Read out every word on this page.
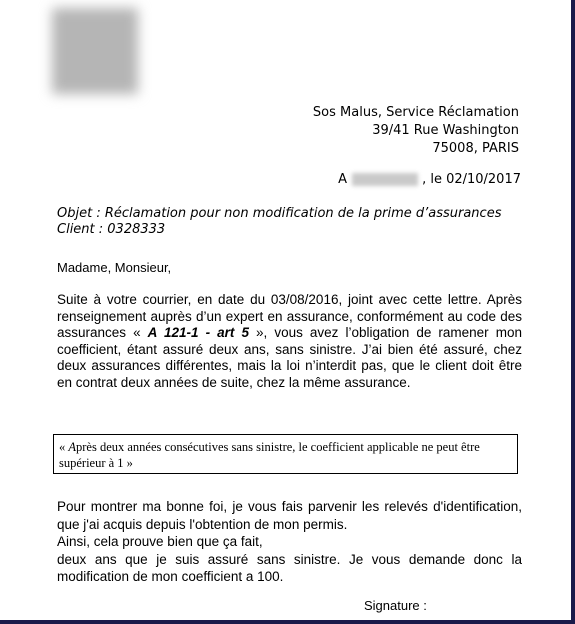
Sos Malus, Service Réclamation
39/41 Rue Washington
75008, PARIS
A	, le 02/10/2017
Objet : Réclamation pour non modification de la prime d’assurances
Client : 0328333
Madame, Monsieur,
Suite à votre courrier, en date du 03/08/2016, joint avec cette lettre. Après renseignement auprès d’un expert en assurance, conformément au code des assurances « A 121-1 - art 5 », vous avez l’obligation de ramener mon coefficient, étant assuré deux ans, sans sinistre. J’ai bien été assuré, chez deux assurances différentes, mais la loi n’interdit pas, que le client doit être en contrat deux années de suite, chez la même assurance.
« Après deux années consécutives sans sinistre, le coefficient applicable ne peut être supérieur à 1 »
Pour montrer ma bonne foi, je vous fais parvenir les relevés d'identification, que j'ai acquis depuis l'obtention de mon permis.
Ainsi, cela prouve bien que ça fait,
deux ans que je suis assuré sans sinistre. Je vous demande donc la modification de mon coefficient a 100.
Signature :
